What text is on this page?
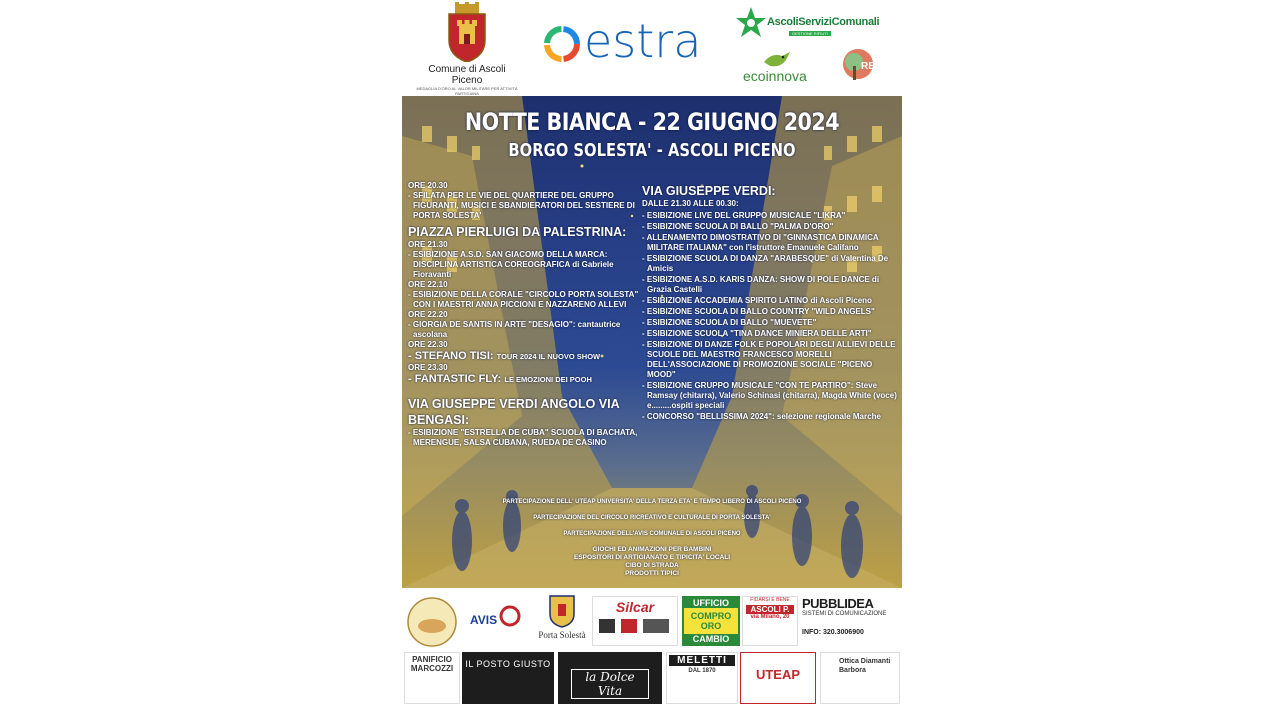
Comune di Ascoli Piceno
MEDAGLIA D'ORO AL VALOR MILITARE PER ATTIVITÀ PARTIGIANA
estra	AscoliServiziComunali
GESTIONE RIFIUTI
ecoinnova
RE
NOTTE BIANCA - 22 GIUGNO 2024
BORGO SOLESTA' - ASCOLI PICENO
ORE 20.30
- SFILATA PER LE VIE DEL QUARTIERE DEL GRUPPO FIGURANTI, MUSICI E SBANDIERATORI DEL SESTIERE DI PORTA SOLESTA'
PIAZZA PIERLUIGI DA PALESTRINA:
ORE 21.30
- ESIBIZIONE A.S.D. SAN GIACOMO DELLA MARCA: DISCIPLINA ARTISTICA COREOGRAFICA di Gabriele Fioravanti
ORE 22.10
- ESIBIZIONE DELLA CORALE "CIRCOLO PORTA SOLESTA" CON I MAESTRI ANNA PICCIONI E NAZZARENO ALLEVI
ORE 22.20
- GIORGIA DE SANTIS IN ARTE "DESAGIO": cantautrice ascolana
ORE 22.30
- STEFANO TISI: TOUR 2024 IL NUOVO SHOW
ORE 23.30
- FANTASTIC FLY: LE EMOZIONI DEI POOH
VIA GIUSEPPE VERDI ANGOLO VIA BENGASI:
- ESIBIZIONE "ESTRELLA DE CUBA" SCUOLA DI BACHATA, MERENGUE, SALSA CUBANA, RUEDA DE CASINO
VIA GIUSEPPE VERDI:
DALLE 21.30 ALLE 00.30:
- ESIBIZIONE LIVE DEL GRUPPO MUSICALE "LIKRA"
- ESIBIZIONE SCUOLA DI BALLO "PALMA D'ORO"
- ALLENAMENTO DIMOSTRATIVO DI "GINNASTICA DINAMICA MILITARE ITALIANA" con l'istruttore Emanuele Califano
- ESIBIZIONE SCUOLA DI DANZA "ARABESQUE" di Valentina De Amicis
- ESIBIZIONE A.S.D. KARIS DANZA: SHOW DI POLE DANCE di Grazia Castelli
- ESIBIZIONE ACCADEMIA SPIRITO LATINO di Ascoli Piceno
- ESIBIZIONE SCUOLA DI BALLO COUNTRY "WILD ANGELS"
- ESIBIZIONE SCUOLA DI BALLO "MUEVETE"
- ESIBIZIONE SCUOLA "TINA DANCE MINIERA DELLE ARTI"
- ESIBIZIONE DI DANZE FOLK E POPOLARI DEGLI ALLIEVI DELLE SCUOLE DEL MAESTRO FRANCESCO MORELLI DELL'ASSOCIAZIONE DI PROMOZIONE SOCIALE "PICENO MOOD"
- ESIBIZIONE GRUPPO MUSICALE "CON TE PARTIRO": Steve Ramsay (chitarra), Valerio Schinasi (chitarra), Magda White (voce) e.........ospiti speciali
- CONCORSO "BELLISSIMA 2024": selezione regionale Marche
PARTECIPAZIONE DELL' UTEAP UNIVERSITA' DELLA TERZA ETA' E TEMPO LIBERO DI ASCOLI PICENO
PARTECIPAZIONE DEL CIRCOLO RICREATIVO E CULTURALE DI PORTA SOLESTA'
PARTECIPAZIONE DELL'AVIS COMUNALE DI ASCOLI PICENO
GIOCHI ED ANIMAZIONI PER BAMBINI
ESPOSITORI DI ARTIGIANATO E TIPICITA' LOCALI
CIBO DI STRADA
PRODOTTI TIPICI
AVIS
Porta Solestà
Silcar	UFFICIO
COMPRO ORO
CAMBIO
FIDARSI È BENE
ASCOLI P.
via Milano, 20
PUBBLIDEA
SISTEMI DI COMUNICAZIONE
INFO: 320.3006900
PANIFICIO MARCOZZI	IL POSTO GIUSTO
la Dolce Vita
MELETTI
DAL 1870	UTEAP
Ottica Diamanti Barbora
